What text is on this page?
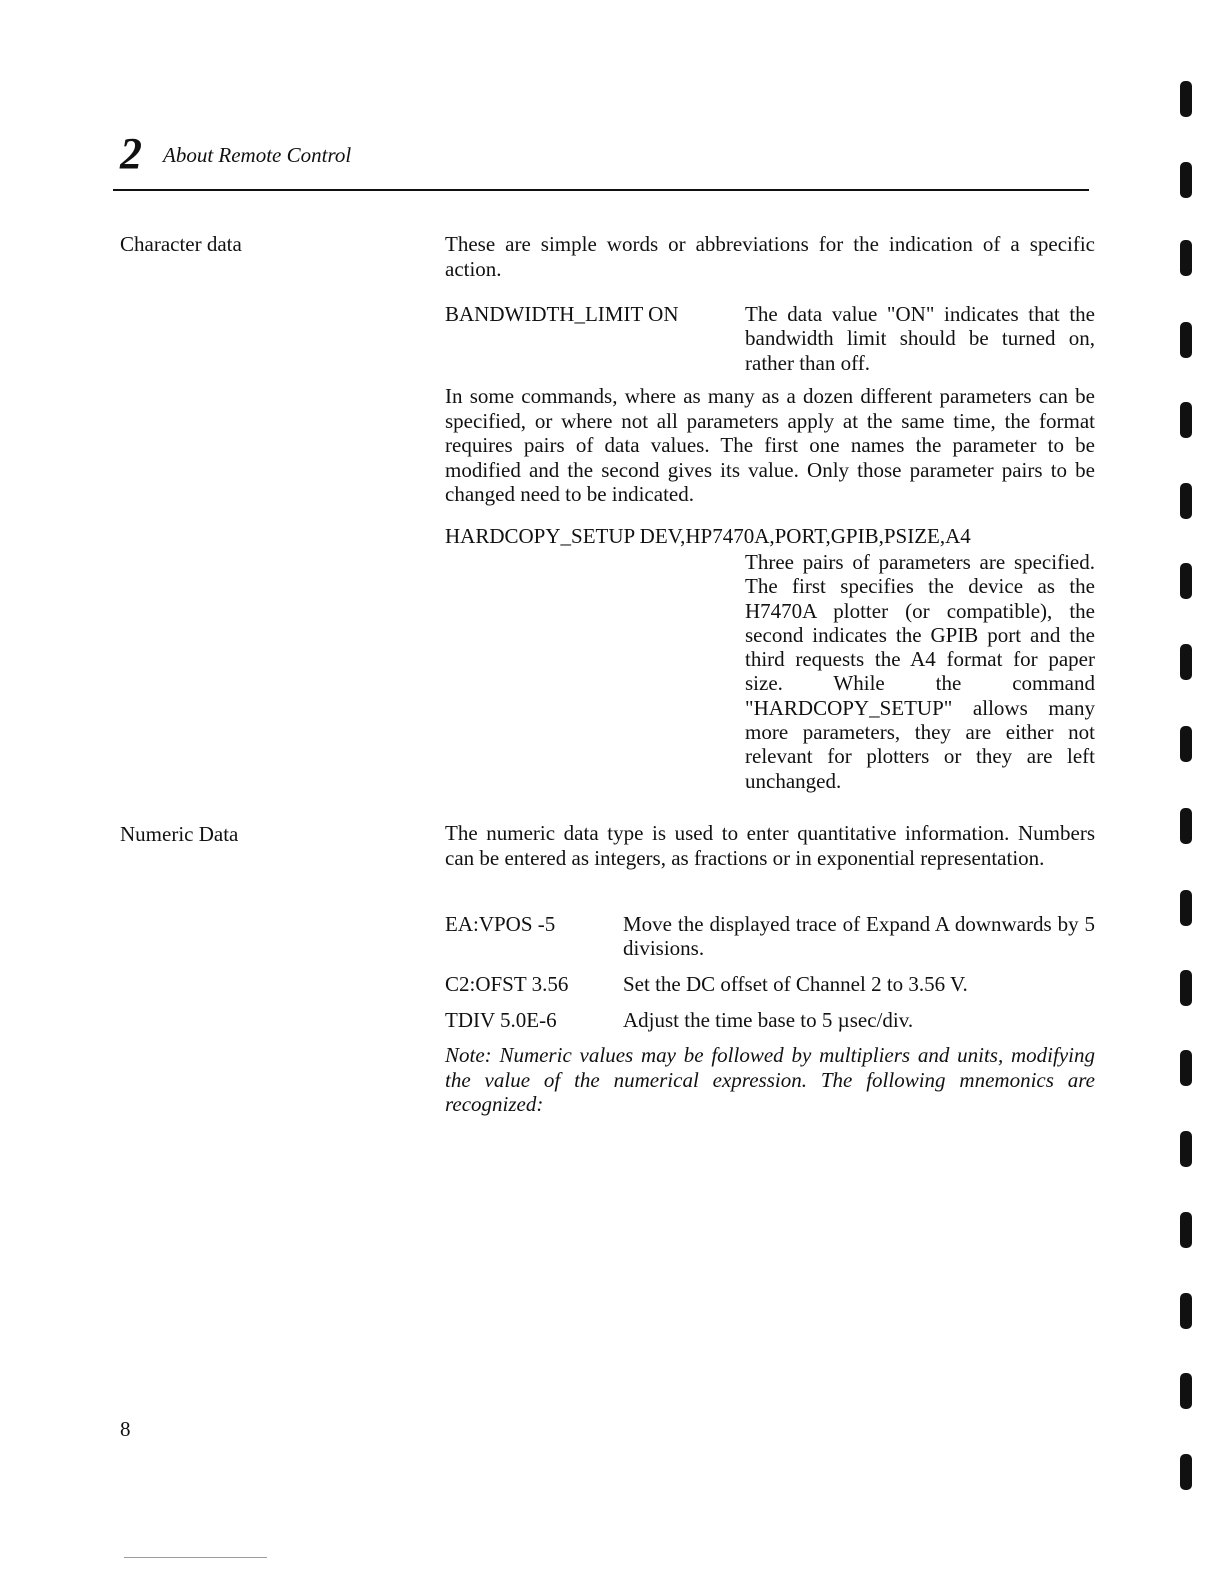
2 About Remote Control
Character data	These are simple words or abbreviations for the indication of a specific action.
BANDWIDTH_LIMIT ON	The data value "ON" indicates that the bandwidth limit should be turned on, rather than off.
In some commands, where as many as a dozen different parameters can be specified, or where not all parameters apply at the same time, the format requires pairs of data values. The first one names the parameter to be modified and the second gives its value. Only those parameter pairs to be changed need to be indicated.
HARDCOPY_SETUP DEV,HP7470A,PORT,GPIB,PSIZE,A4
Three pairs of parameters are specified. The first specifies the device as the H7470A plotter (or compatible), the second indicates the GPIB port and the third requests the A4 format for paper size. While the command "HARDCOPY_SETUP" allows many more parameters, they are either not relevant for plotters or they are left unchanged.
Numeric Data	The numeric data type is used to enter quantitative information. Numbers can be entered as integers, as fractions or in exponential representation.
EA:VPOS -5	Move the displayed trace of Expand A downwards by 5 divisions.
C2:OFST 3.56	Set the DC offset of Channel 2 to 3.56 V.
TDIV 5.0E-6	Adjust the time base to 5 µsec/div.
Note: Numeric values may be followed by multipliers and units, modifying the value of the numerical expression. The following mnemonics are recognized:
8
